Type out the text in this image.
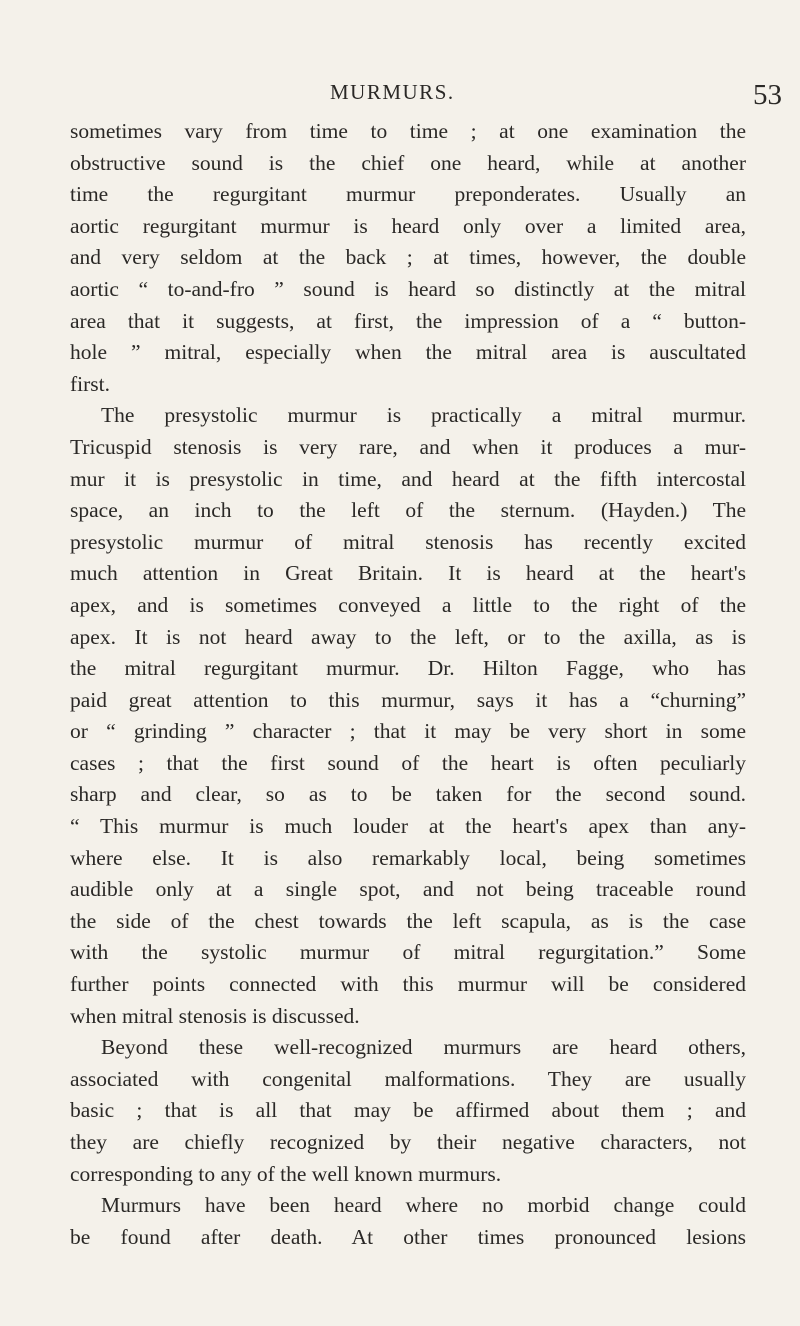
MURMURS.	53
sometimes vary from time to time ; at one examination the
obstructive sound is the chief one heard, while at another
time the regurgitant murmur preponderates. Usually an
aortic regurgitant murmur is heard only over a limited area,
and very seldom at the back ; at times, however, the double
aortic “ to-and-fro ” sound is heard so distinctly at the mitral
area that it suggests, at first, the impression of a “ button-
hole ” mitral, especially when the mitral area is auscultated
first.
The presystolic murmur is practically a mitral murmur.
Tricuspid stenosis is very rare, and when it produces a mur-
mur it is presystolic in time, and heard at the fifth intercostal
space, an inch to the left of the sternum. (Hayden.) The
presystolic murmur of mitral stenosis has recently excited
much attention in Great Britain. It is heard at the heart's
apex, and is sometimes conveyed a little to the right of the
apex. It is not heard away to the left, or to the axilla, as is
the mitral regurgitant murmur. Dr. Hilton Fagge, who has
paid great attention to this murmur, says it has a “churning”
or “ grinding ” character ; that it may be very short in some
cases ; that the first sound of the heart is often peculiarly
sharp and clear, so as to be taken for the second sound.
“ This murmur is much louder at the heart's apex than any-
where else. It is also remarkably local, being sometimes
audible only at a single spot, and not being traceable round
the side of the chest towards the left scapula, as is the case
with the systolic murmur of mitral regurgitation.” Some
further points connected with this murmur will be considered
when mitral stenosis is discussed.
Beyond these well-recognized murmurs are heard others,
associated with congenital malformations. They are usually
basic ; that is all that may be affirmed about them ; and
they are chiefly recognized by their negative characters, not
corresponding to any of the well known murmurs.
Murmurs have been heard where no morbid change could
be found after death. At other times pronounced lesions
